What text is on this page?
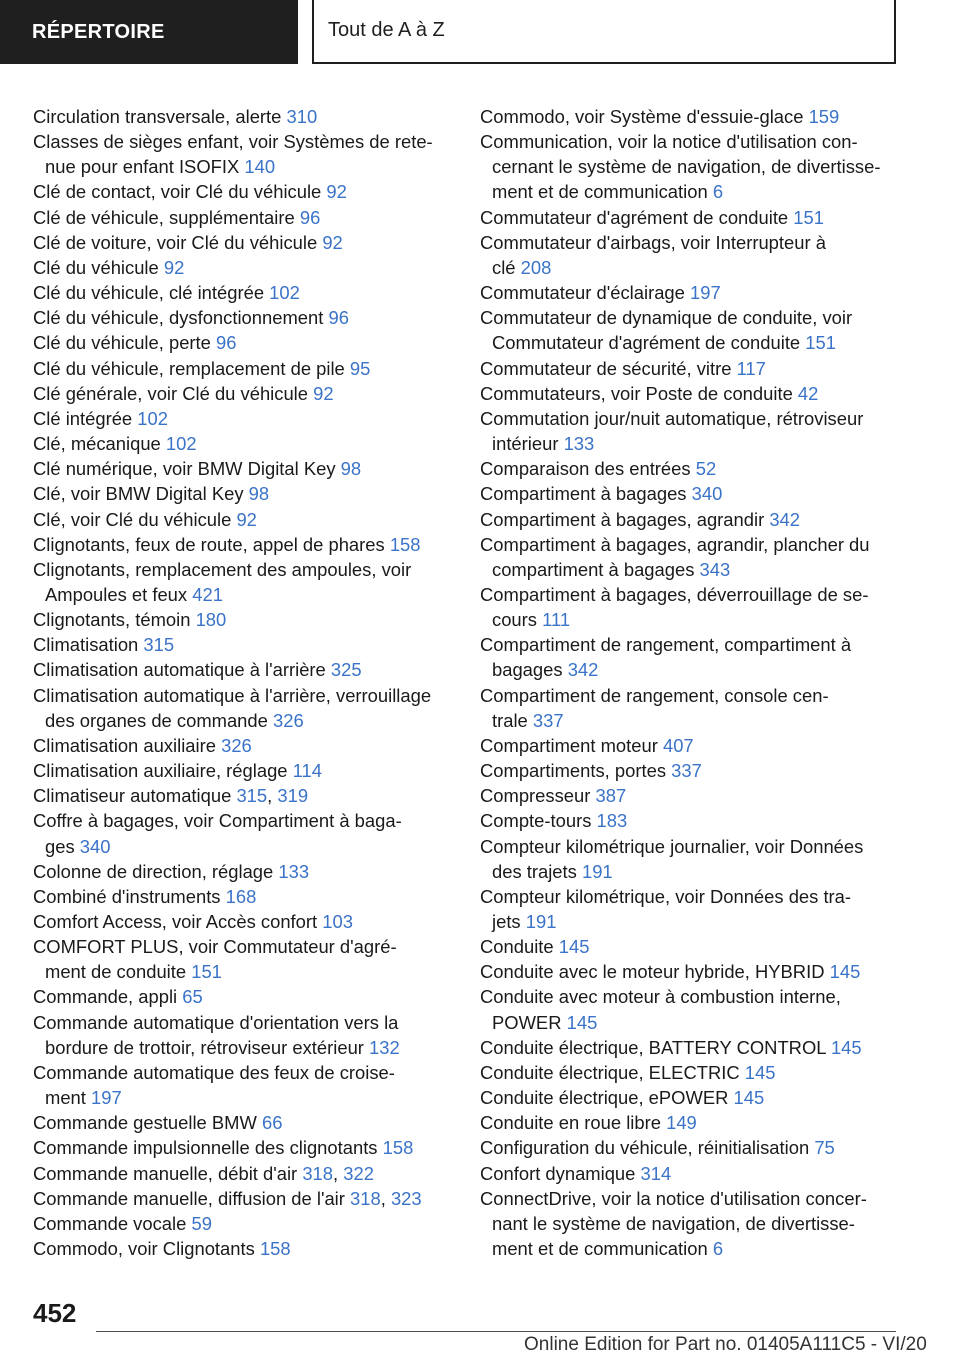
RÉPERTOIRE	Tout de A à Z
Circulation transversale, alerte 310
Classes de sièges enfant, voir Systèmes de rete-
nue pour enfant ISOFIX 140
Clé de contact, voir Clé du véhicule 92
Clé de véhicule, supplémentaire 96
Clé de voiture, voir Clé du véhicule 92
Clé du véhicule 92
Clé du véhicule, clé intégrée 102
Clé du véhicule, dysfonctionnement 96
Clé du véhicule, perte 96
Clé du véhicule, remplacement de pile 95
Clé générale, voir Clé du véhicule 92
Clé intégrée 102
Clé, mécanique 102
Clé numérique, voir BMW Digital Key 98
Clé, voir BMW Digital Key 98
Clé, voir Clé du véhicule 92
Clignotants, feux de route, appel de phares 158
Clignotants, remplacement des ampoules, voir
Ampoules et feux 421
Clignotants, témoin 180
Climatisation 315
Climatisation automatique à l'arrière 325
Climatisation automatique à l'arrière, verrouillage
des organes de commande 326
Climatisation auxiliaire 326
Climatisation auxiliaire, réglage 114
Climatiseur automatique 315, 319
Coffre à bagages, voir Compartiment à baga-
ges 340
Colonne de direction, réglage 133
Combiné d'instruments 168
Comfort Access, voir Accès confort 103
COMFORT PLUS, voir Commutateur d'agré-
ment de conduite 151
Commande, appli 65
Commande automatique d'orientation vers la
bordure de trottoir, rétroviseur extérieur 132
Commande automatique des feux de croise-
ment 197
Commande gestuelle BMW 66
Commande impulsionnelle des clignotants 158
Commande manuelle, débit d'air 318, 322
Commande manuelle, diffusion de l'air 318, 323
Commande vocale 59
Commodo, voir Clignotants 158
Commodo, voir Système d'essuie-glace 159
Communication, voir la notice d'utilisation con-
cernant le système de navigation, de divertisse-
ment et de communication 6
Commutateur d'agrément de conduite 151
Commutateur d'airbags, voir Interrupteur à
clé 208
Commutateur d'éclairage 197
Commutateur de dynamique de conduite, voir
Commutateur d'agrément de conduite 151
Commutateur de sécurité, vitre 117
Commutateurs, voir Poste de conduite 42
Commutation jour/nuit automatique, rétroviseur
intérieur 133
Comparaison des entrées 52
Compartiment à bagages 340
Compartiment à bagages, agrandir 342
Compartiment à bagages, agrandir, plancher du
compartiment à bagages 343
Compartiment à bagages, déverrouillage de se-
cours 111
Compartiment de rangement, compartiment à
bagages 342
Compartiment de rangement, console cen-
trale 337
Compartiment moteur 407
Compartiments, portes 337
Compresseur 387
Compte-tours 183
Compteur kilométrique journalier, voir Données
des trajets 191
Compteur kilométrique, voir Données des tra-
jets 191
Conduite 145
Conduite avec le moteur hybride, HYBRID 145
Conduite avec moteur à combustion interne,
POWER 145
Conduite électrique, BATTERY CONTROL 145
Conduite électrique, ELECTRIC 145
Conduite électrique, ePOWER 145
Conduite en roue libre 149
Configuration du véhicule, réinitialisation 75
Confort dynamique 314
ConnectDrive, voir la notice d'utilisation concer-
nant le système de navigation, de divertisse-
ment et de communication 6
452
Online Edition for Part no. 01405A111C5 - VI/20
